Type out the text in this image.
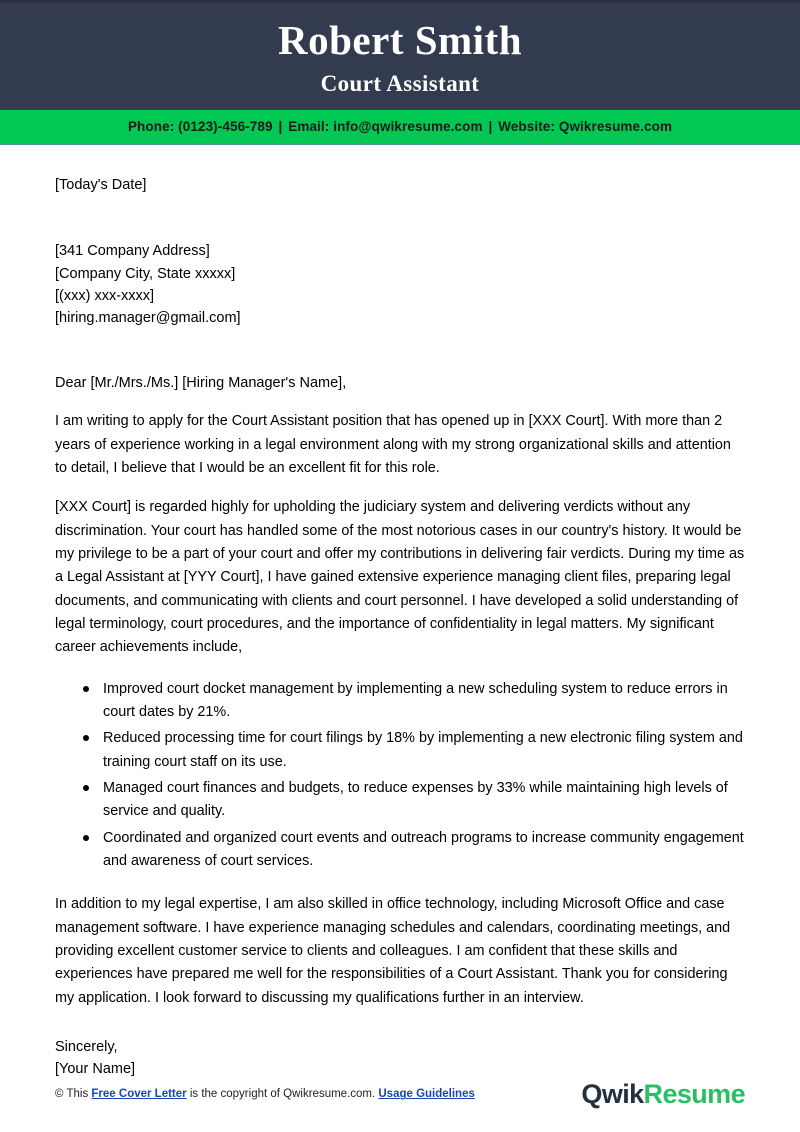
Robert Smith
Court Assistant
Phone: (0123)-456-789 | Email: info@qwikresume.com | Website: Qwikresume.com
[Today's Date]
[341 Company Address]
[Company City, State xxxxx]
[(xxx) xxx-xxxx]
[hiring.manager@gmail.com]
Dear [Mr./Mrs./Ms.] [Hiring Manager's Name],

I am writing to apply for the Court Assistant position that has opened up in [XXX Court]. With more than 2 years of experience working in a legal environment along with my strong organizational skills and attention to detail, I believe that I would be an excellent fit for this role.

[XXX Court] is regarded highly for upholding the judiciary system and delivering verdicts without any discrimination. Your court has handled some of the most notorious cases in our country's history. It would be my privilege to be a part of your court and offer my contributions in delivering fair verdicts. During my time as a Legal Assistant at [YYY Court], I have gained extensive experience managing client files, preparing legal documents, and communicating with clients and court personnel. I have developed a solid understanding of legal terminology, court procedures, and the importance of confidentiality in legal matters. My significant career achievements include,

Improved court docket management by implementing a new scheduling system to reduce errors in court dates by 21%.
Reduced processing time for court filings by 18% by implementing a new electronic filing system and training court staff on its use.
Managed court finances and budgets, to reduce expenses by 33% while maintaining high levels of service and quality.
Coordinated and organized court events and outreach programs to increase community engagement and awareness of court services.

In addition to my legal expertise, I am also skilled in office technology, including Microsoft Office and case management software. I have experience managing schedules and calendars, coordinating meetings, and providing excellent customer service to clients and colleagues. I am confident that these skills and experiences have prepared me well for the responsibilities of a Court Assistant. Thank you for considering my application. I look forward to discussing my qualifications further in an interview.

Sincerely,
[Your Name]
© This Free Cover Letter is the copyright of Qwikresume.com. Usage Guidelines	QwikResume
